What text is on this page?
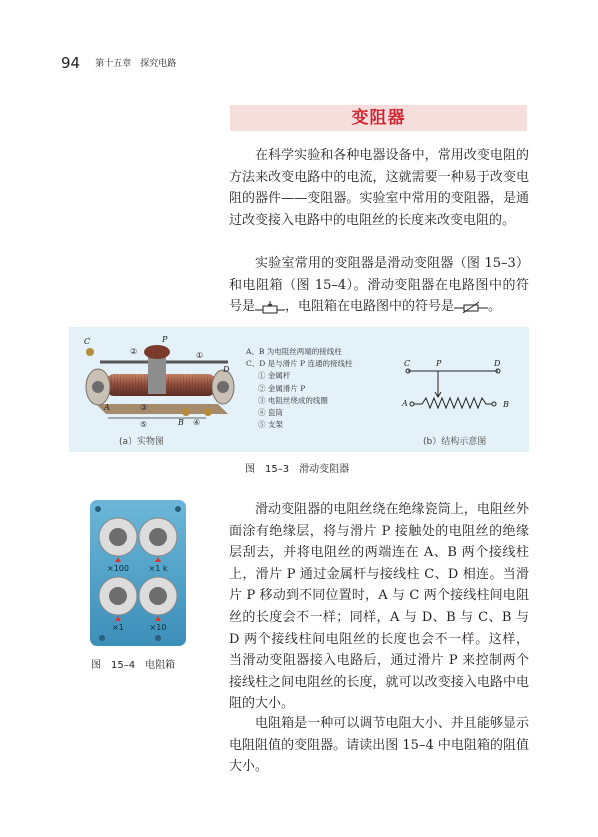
94 第十五章　探究电路
变阻器

在科学实验和各种电器设备中，常用改变电阻的方法来改变电路中的电流，这就需要一种易于改变电阻的器件——变阻器。实验室中常用的变阻器，是通过改变接入电路中的电阻丝的长度来改变电阻的。

实验室常用的变阻器是滑动变阻器（图 15–3）和电阻箱（图 15–4）。滑动变阻器在电路图中的符号是 ，电阻箱在电路图中的符号是	。

C	P
D
A
B
①
②
③
④
⑤
A、B 为电阻丝两端的接线柱
C、D 是与滑片 P 连通的接线柱
① 金属杆
② 金属滑片 P
③ 电阻丝绕成的线圈
④ 瓷筒
⑤ 支架
C	P	D
A	B
(a）实物图	(b）结构示意图
图　15–3　滑动变阻器
×100 ×1 k
×1	×10
图　15–4　电阻箱

滑动变阻器的电阻丝绕在绝缘瓷筒上，电阻丝外面涂有绝缘层，将与滑片 P 接触处的电阻丝的绝缘层刮去，并将电阻丝的两端连在 A、B 两个接线柱上，滑片 P 通过金属杆与接线柱 C、D 相连。当滑片 P 移动到不同位置时，A 与 C 两个接线柱间电阻丝的长度会不一样；同样，A 与 D、B 与 C、B 与 D 两个接线柱间电阻丝的长度也会不一样。这样，当滑动变阻器接入电路后，通过滑片 P 来控制两个接线柱之间电阻丝的长度，就可以改变接入电路中电阻的大小。

电阻箱是一种可以调节电阻大小、并且能够显示电阻阻值的变阻器。请读出图 15–4 中电阻箱的阻值大小。
